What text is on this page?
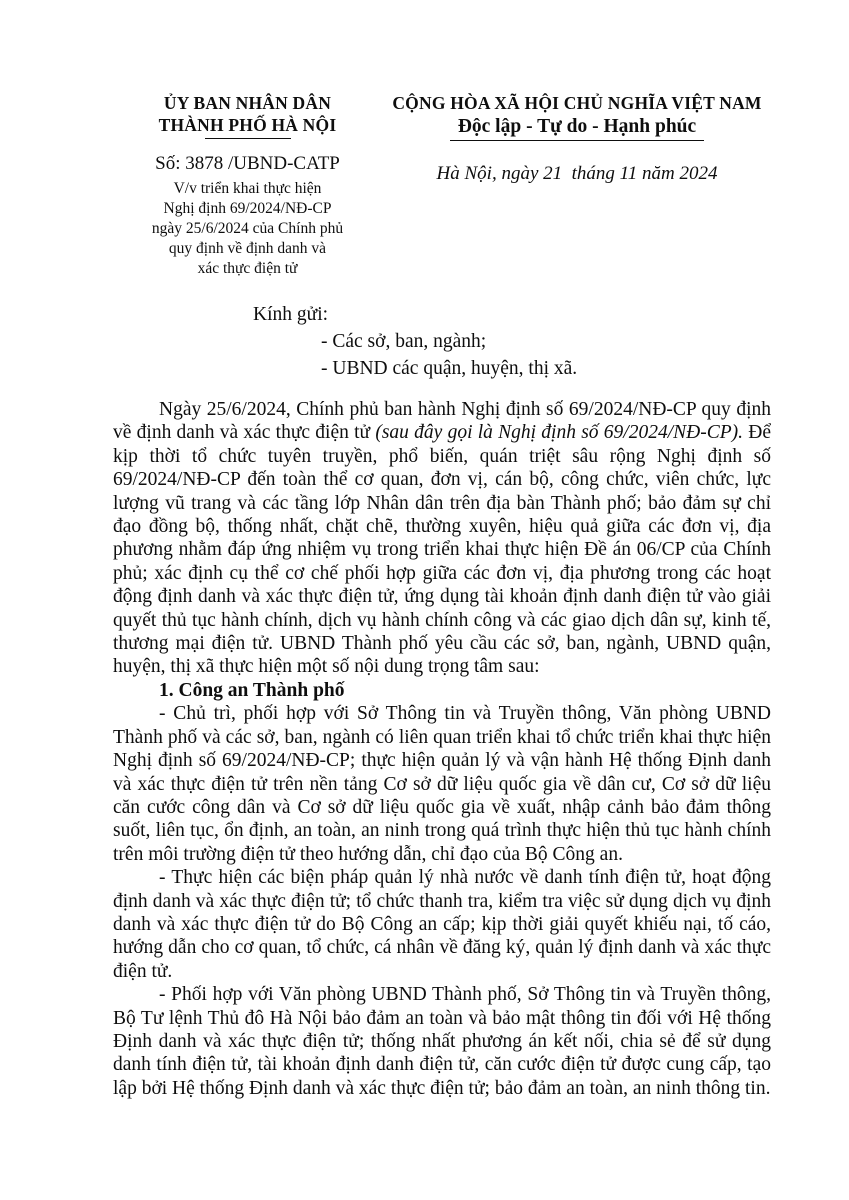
ỦY BAN NHÂN DÂN
THÀNH PHỐ HÀ NỘI
Số: 3878 /UBND-CATP
V/v triển khai thực hiện
Nghị định 69/2024/NĐ-CP
ngày 25/6/2024 của Chính phủ
quy định về định danh và
xác thực điện tử
CỘNG HÒA XÃ HỘI CHỦ NGHĨA VIỆT NAM
Độc lập - Tự do - Hạnh phúc
Hà Nội, ngày 21  tháng 11 năm 2024
Kính gửi:
- Các sở, ban, ngành;
- UBND các quận, huyện, thị xã.

Ngày 25/6/2024, Chính phủ ban hành Nghị định số 69/2024/NĐ-CP quy định về định danh và xác thực điện tử (sau đây gọi là Nghị định số 69/2024/NĐ-CP). Để kịp thời tổ chức tuyên truyền, phổ biến, quán triệt sâu rộng Nghị định số 69/2024/NĐ-CP đến toàn thể cơ quan, đơn vị, cán bộ, công chức, viên chức, lực lượng vũ trang và các tầng lớp Nhân dân trên địa bàn Thành phố; bảo đảm sự chỉ đạo đồng bộ, thống nhất, chặt chẽ, thường xuyên, hiệu quả giữa các đơn vị, địa phương nhằm đáp ứng nhiệm vụ trong triển khai thực hiện Đề án 06/CP của Chính phủ; xác định cụ thể cơ chế phối hợp giữa các đơn vị, địa phương trong các hoạt động định danh và xác thực điện tử, ứng dụng tài khoản định danh điện tử vào giải quyết thủ tục hành chính, dịch vụ hành chính công và các giao dịch dân sự, kinh tế, thương mại điện tử. UBND Thành phố yêu cầu các sở, ban, ngành, UBND quận, huyện, thị xã thực hiện một số nội dung trọng tâm sau:

1. Công an Thành phố

- Chủ trì, phối hợp với Sở Thông tin và Truyền thông, Văn phòng UBND Thành phố và các sở, ban, ngành có liên quan triển khai tổ chức triển khai thực hiện Nghị định số 69/2024/NĐ-CP; thực hiện quản lý và vận hành Hệ thống Định danh và xác thực điện tử trên nền tảng Cơ sở dữ liệu quốc gia về dân cư, Cơ sở dữ liệu căn cước công dân và Cơ sở dữ liệu quốc gia về xuất, nhập cảnh bảo đảm thông suốt, liên tục, ổn định, an toàn, an ninh trong quá trình thực hiện thủ tục hành chính trên môi trường điện tử theo hướng dẫn, chỉ đạo của Bộ Công an.

- Thực hiện các biện pháp quản lý nhà nước về danh tính điện tử, hoạt động định danh và xác thực điện tử; tổ chức thanh tra, kiểm tra việc sử dụng dịch vụ định danh và xác thực điện tử do Bộ Công an cấp; kịp thời giải quyết khiếu nại, tố cáo, hướng dẫn cho cơ quan, tổ chức, cá nhân về đăng ký, quản lý định danh và xác thực điện tử.

- Phối hợp với Văn phòng UBND Thành phố, Sở Thông tin và Truyền thông, Bộ Tư lệnh Thủ đô Hà Nội bảo đảm an toàn và bảo mật thông tin đối với Hệ thống Định danh và xác thực điện tử; thống nhất phương án kết nối, chia sẻ để sử dụng danh tính điện tử, tài khoản định danh điện tử, căn cước điện tử được cung cấp, tạo lập bởi Hệ thống Định danh và xác thực điện tử; bảo đảm an toàn, an ninh thông tin.
